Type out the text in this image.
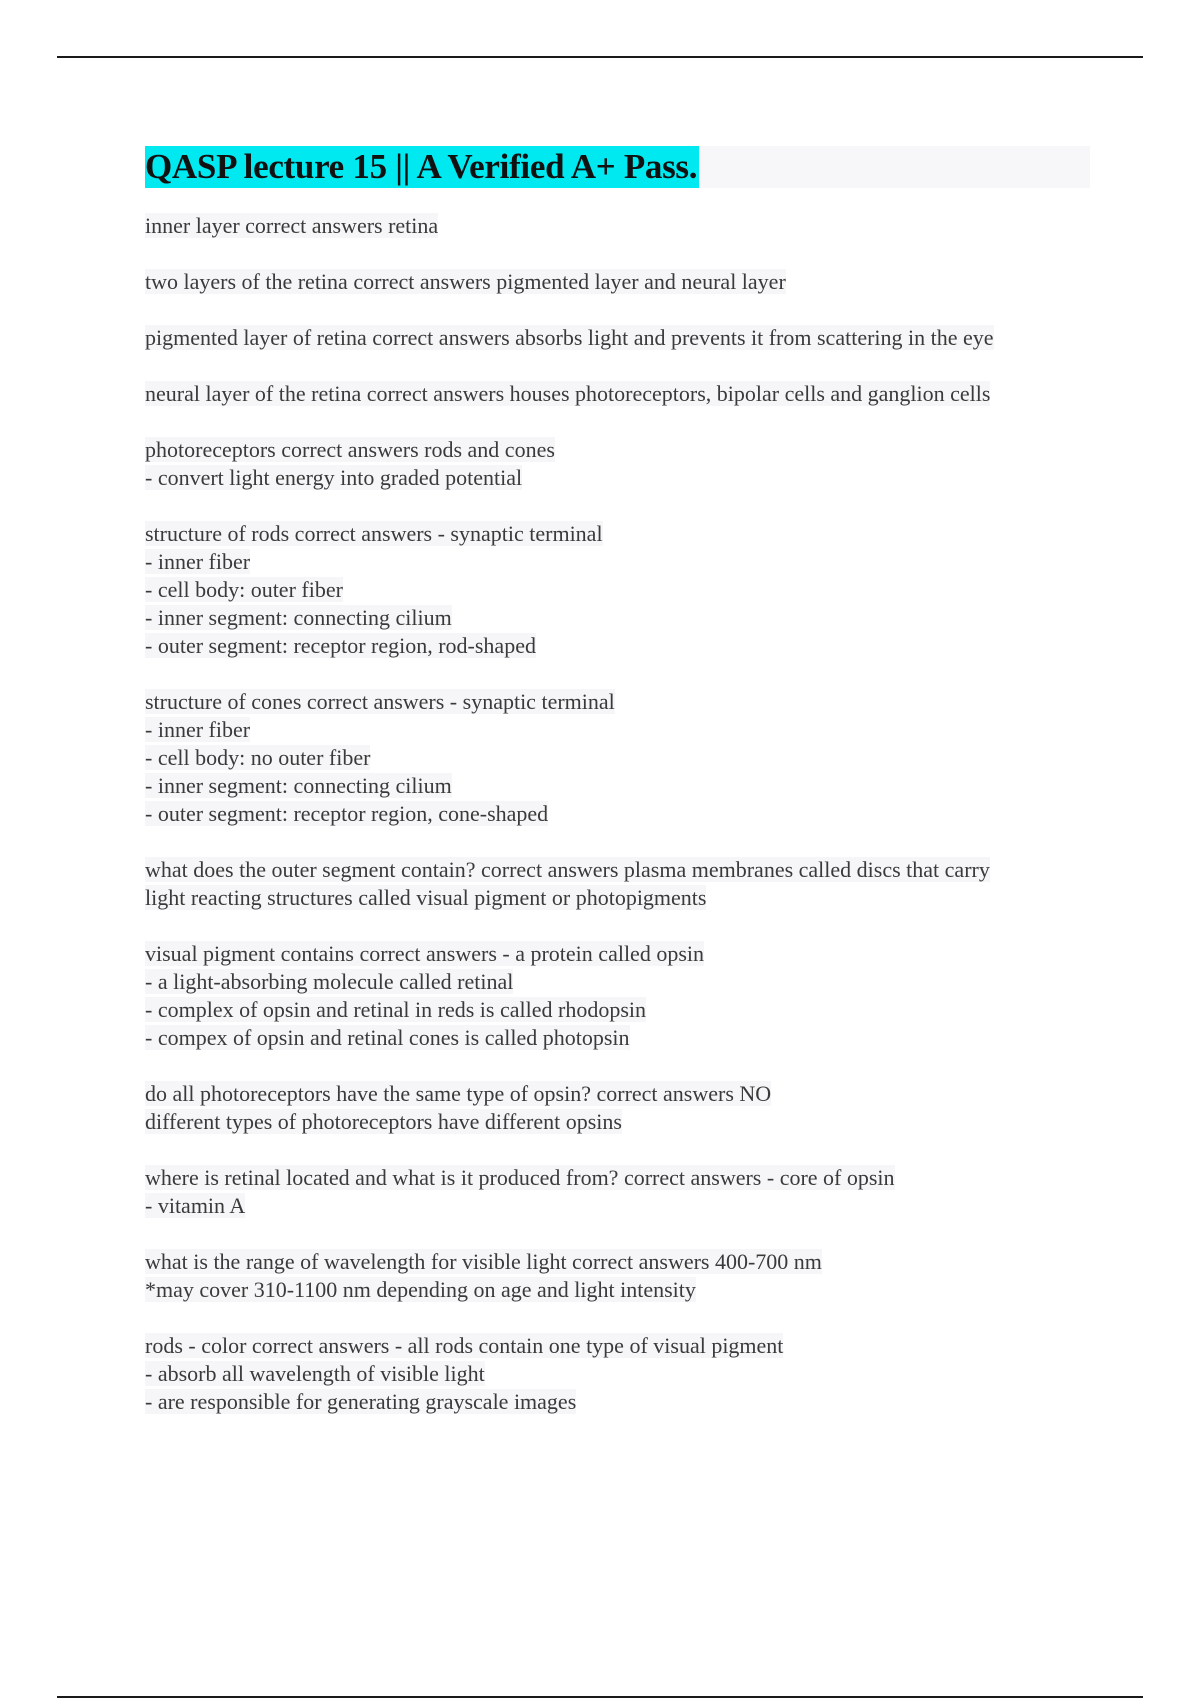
QASP lecture 15 || A Verified A+ Pass.
inner layer correct answers retina
two layers of the retina correct answers pigmented layer and neural layer
pigmented layer of retina correct answers absorbs light and prevents it from scattering in the eye
neural layer of the retina correct answers houses photoreceptors, bipolar cells and ganglion cells
photoreceptors correct answers rods and cones
- convert light energy into graded potential
structure of rods correct answers - synaptic terminal
- inner fiber
- cell body: outer fiber
- inner segment: connecting cilium
- outer segment: receptor region, rod-shaped
structure of cones correct answers - synaptic terminal
- inner fiber
- cell body: no outer fiber
- inner segment: connecting cilium
- outer segment: receptor region, cone-shaped
what does the outer segment contain? correct answers plasma membranes called discs that carry
light reacting structures called visual pigment or photopigments
visual pigment contains correct answers - a protein called opsin
- a light-absorbing molecule called retinal
- complex of opsin and retinal in reds is called rhodopsin
- compex of opsin and retinal cones is called photopsin
do all photoreceptors have the same type of opsin? correct answers NO
different types of photoreceptors have different opsins
where is retinal located and what is it produced from? correct answers - core of opsin
- vitamin A
what is the range of wavelength for visible light correct answers 400-700 nm
*may cover 310-1100 nm depending on age and light intensity
rods - color correct answers - all rods contain one type of visual pigment
- absorb all wavelength of visible light
- are responsible for generating grayscale images
